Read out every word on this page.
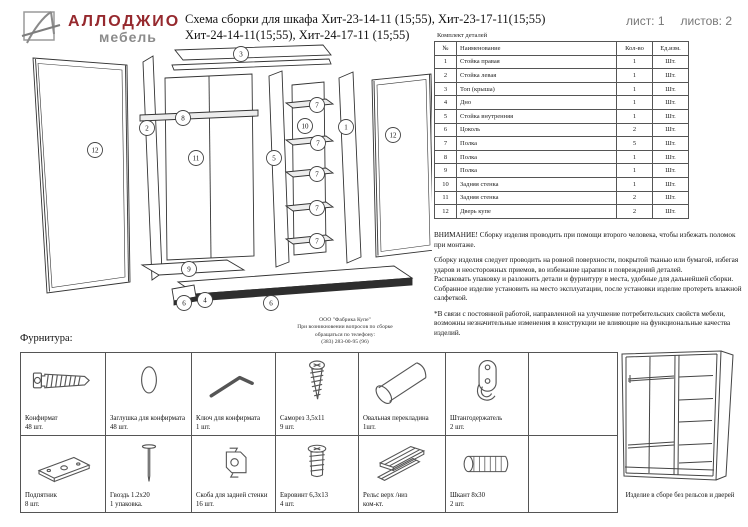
АЛЛОДЖИО
мебель
Схема сборки для шкафа Хит-23-14-11 (15;55), Хит-23-17-11(15;55)
Хит-24-14-11(15;55), Хит-24-17-11 (15;55)
лист: 1 листов: 2
Комплект деталей
№	Наименование	Кол-во	Ед.изм.
1	Стойка правая	1	Шт.
2	Стойка левая	1	Шт.
3	Топ (крыша)	1	Шт.
4	Дно	1	Шт.
5	Стойка внутренняя	1	Шт.
6	Цоколь	2	Шт.
7	Полка	5	Шт.
8	Полка	1	Шт.
9	Полка	1	Шт.
10	Задняя стенка	1	Шт.
11	Задняя стенка	2	Шт.
12	Дверь купе	2	Шт.
ВНИМАНИЕ! Сборку изделия проводить при помощи второго человека, чтобы избежать поломок при монтаже.
Сборку изделия следует проводить на ровной поверхности, покрытой тканью или бумагой, избегая ударов и неосторожных приемов, во избежание царапин и повреждений деталей.
Распаковать упаковку и разложить детали и фурнитуру в места, удобные для дальнейшей сборки.
Собранное изделие установить на место эксплуатации, после установки изделие протереть влажной салфеткой.
*В связи с постоянной работой, направленной на улучшение потребительских свойств мебели, возможны незначительные изменения в конструкции не влияющие на функциональные качества изделий.
ООО "Фабрика Купе"
При возникновении вопросов по сборке
обращаться по телефону:
(383) 283-00-95 (96)
3
12
2
8
11	5
7
10
7
7
7
7
1
12
9
6	4	6
Фурнитура:
Конфирмат
48 шт.
Заглушка для конфирмата
48 шт.
Ключ для конфирмата
1 шт.
Саморез 3,5х11
9 шт.
Овальная перекладина
1шт.
Штангодержатель
2 шт.
Подпятник
8 шт.
Гвоздь 1.2х20
1 упаковка.
Скоба для задней стенки
16 шт.
Евровинт 6,3х13
4 шт.
Рельс верх /низ
ком-кт.
Шкант 8х30
2 шт.
Изделие в сборе без рельсов и дверей
